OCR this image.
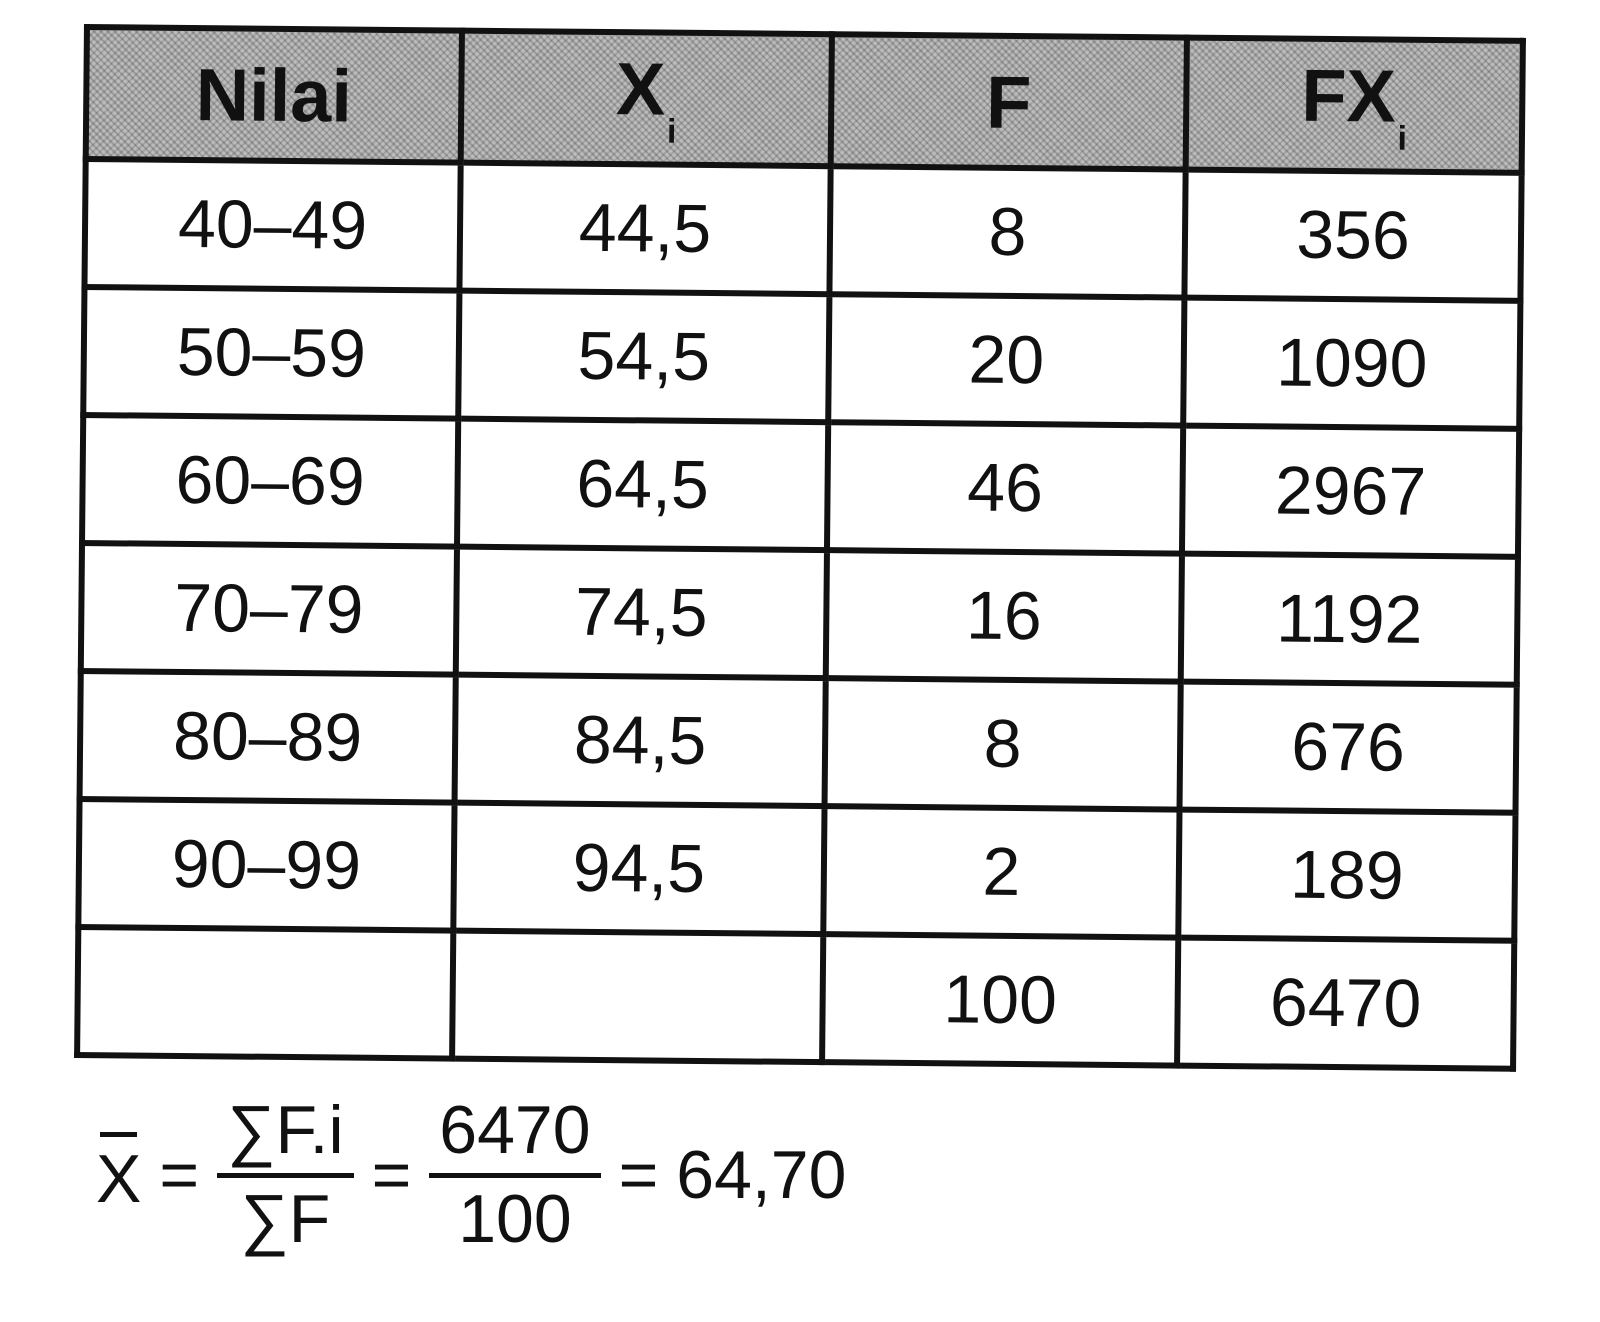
Nilai	$X_i$	F	$FX_i$
40–49	44,5	8	356
50–59	54,5	20	1090
60–69	64,5	46	2967
70–79	74,5	16	1192
80–89	84,5	8	676
90–99	94,5	2	189
		100	6470
X =
∑F.i
∑F
=
6470
100
= 64,70
